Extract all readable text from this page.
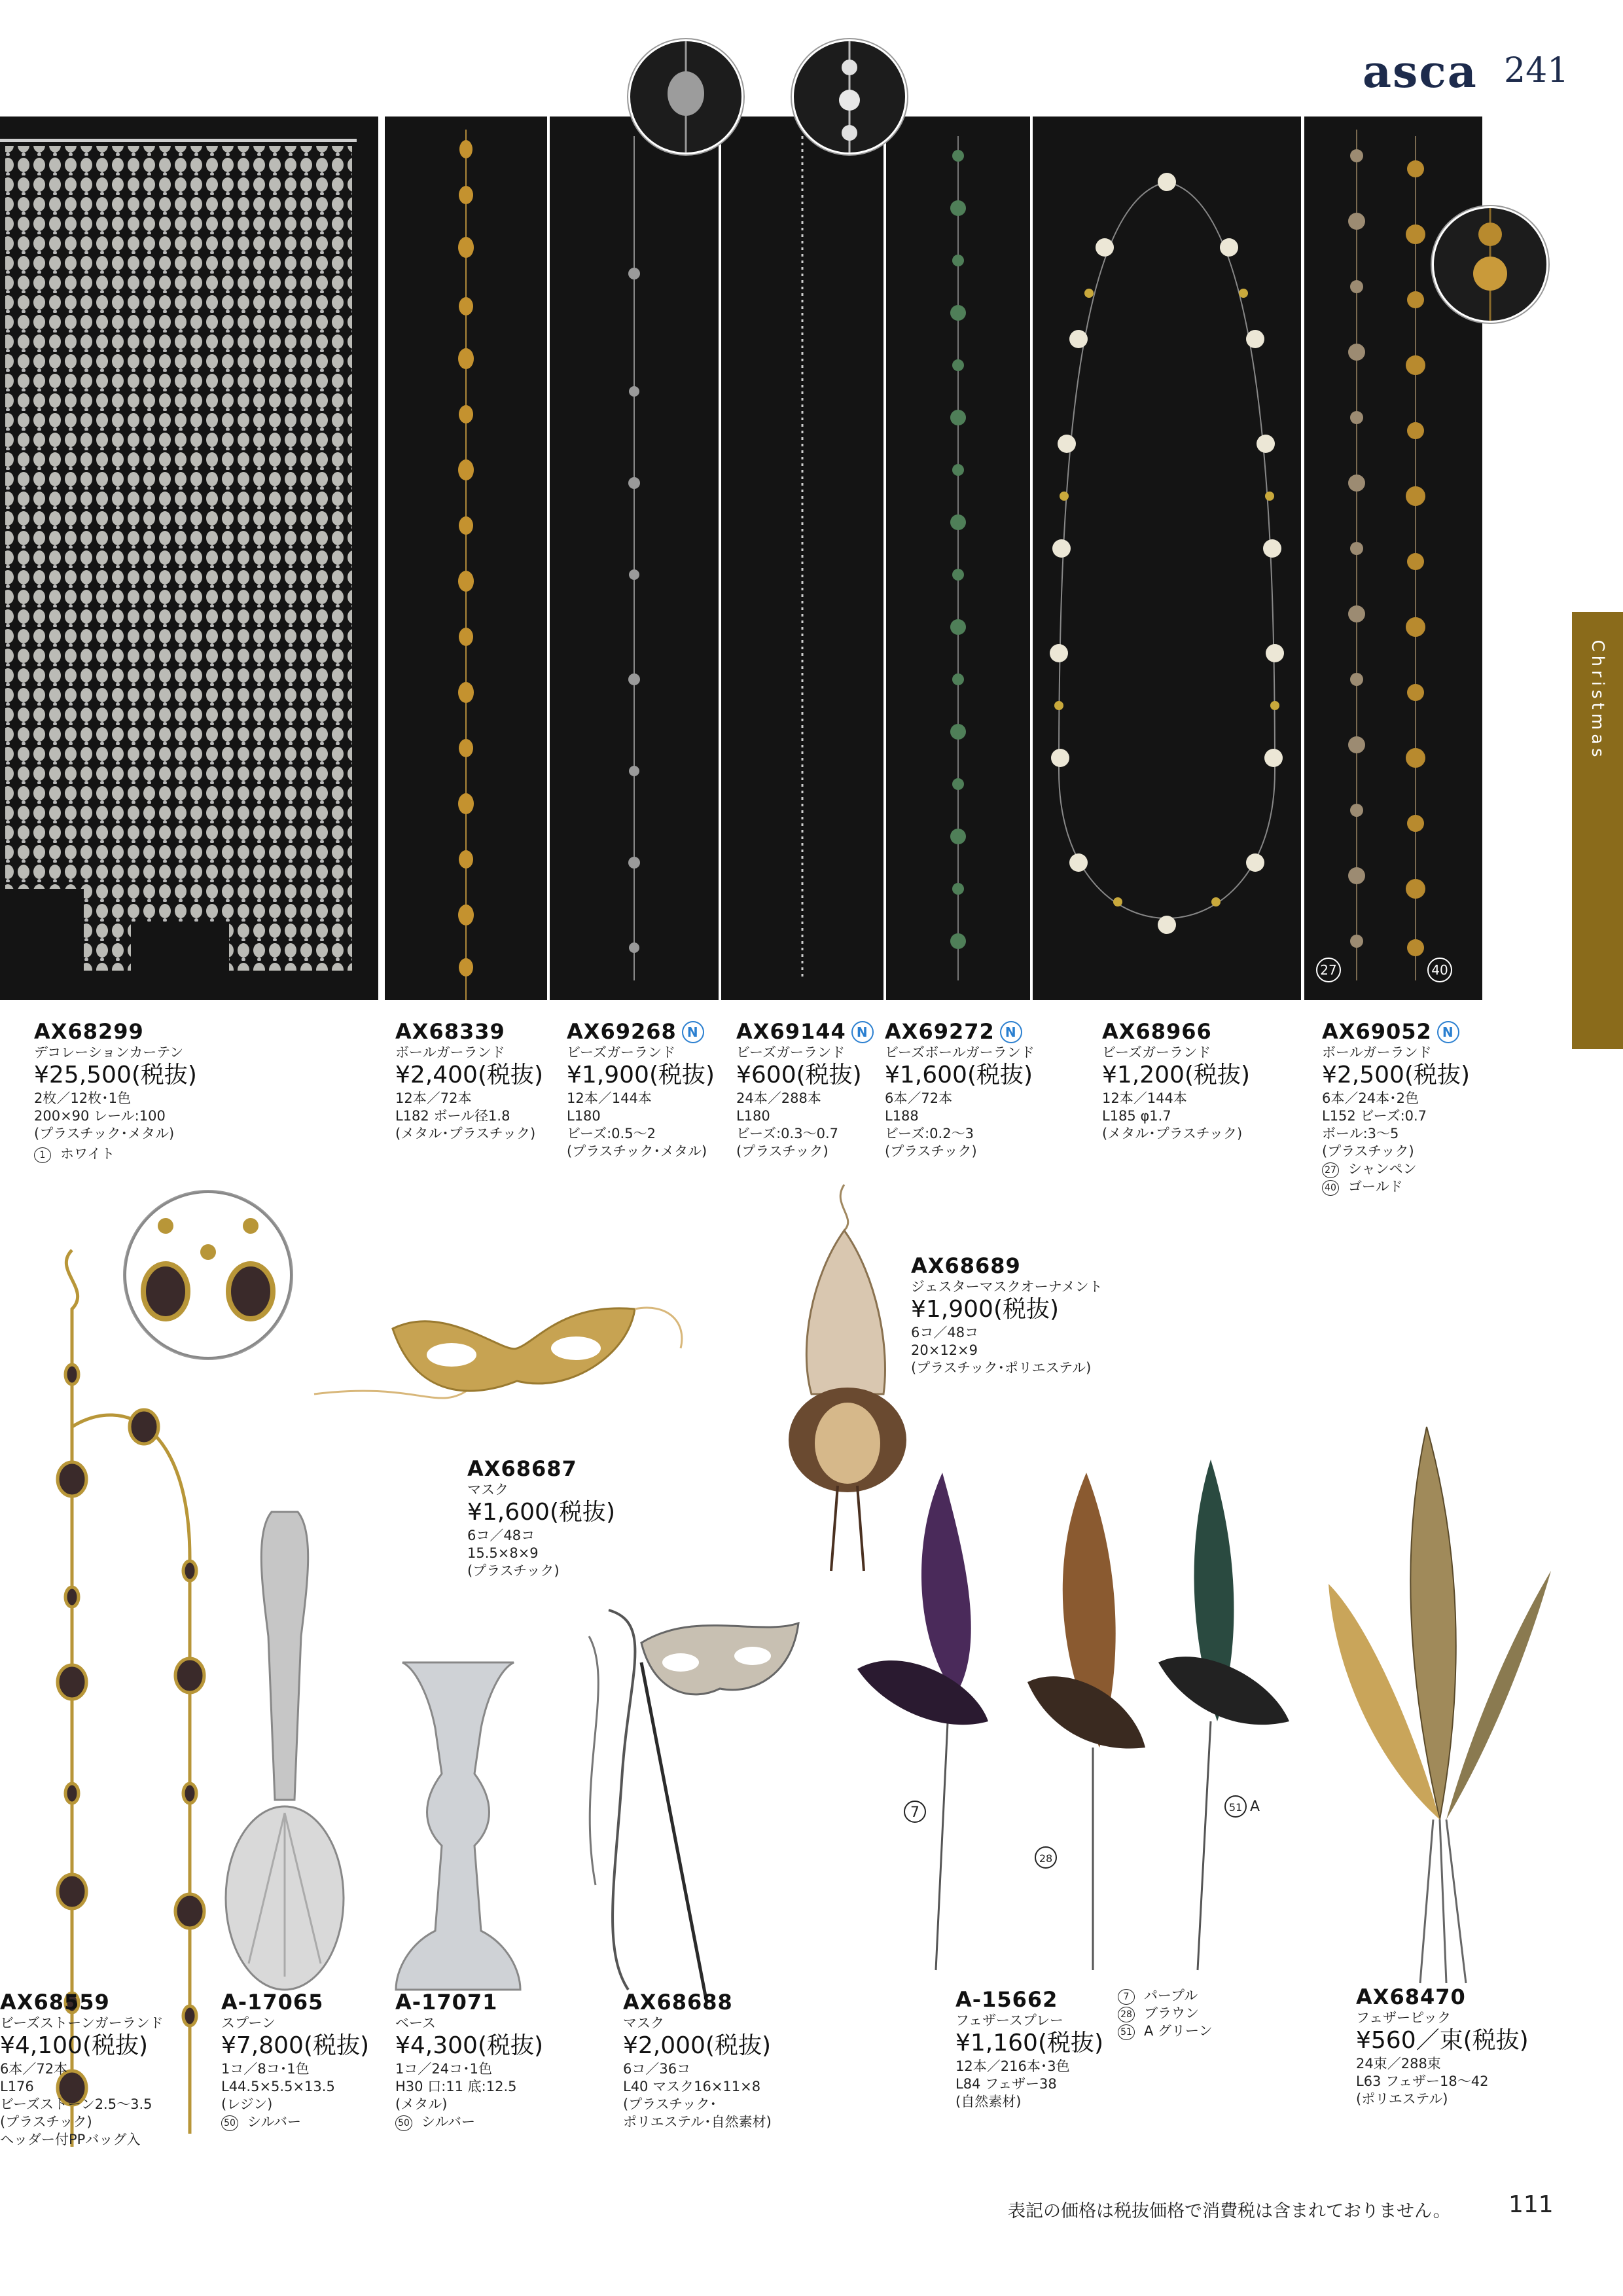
asca 241
Christmas
27	40
AX68299
デコレーションカーテン
¥25,500(税抜)
2枚／12枚･1色
200×90 レール:100
(プラスチック･メタル)
1 ホワイト
AX68339
ボールガーランド
¥2,400(税抜)
12本／72本
L182 ボール径1.8
(メタル･プラスチック)
AX69268 N
ビーズガーランド
¥1,900(税抜)
12本／144本
L180
ビーズ:0.5～2
(プラスチック･メタル)
AX69144 N
ビーズガーランド
¥600(税抜)
24本／288本
L180
ビーズ:0.3～0.7
(プラスチック)
AX69272 N
ビーズボールガーランド
¥1,600(税抜)
6本／72本
L188
ビーズ:0.2～3
(プラスチック)
AX68966
ビーズガーランド
¥1,200(税抜)
12本／144本
L185 φ1.7
(メタル･プラスチック)
AX69052 N
ボールガーランド
¥2,500(税抜)
6本／24本･2色
L152 ビーズ:0.7
ボール:3～5
(プラスチック)
27 シャンペン
40 ゴールド
7
28
51 A
AX68689
ジェスターマスクオーナメント
¥1,900(税抜)
6コ／48コ
20×12×9
(プラスチック･ポリエステル)
AX68687
マスク
¥1,600(税抜)
6コ／48コ
15.5×8×9
(プラスチック)
AX68559
ビーズストーンガーランド
¥4,100(税抜)
6本／72本
L176
ビーズストーン2.5～3.5
(プラスチック)
ヘッダー付PPバッグ入
A-17065
スプーン
¥7,800(税抜)
1コ／8コ･1色
L44.5×5.5×13.5
(レジン)
50 シルバー
A-17071
ベース
¥4,300(税抜)
1コ／24コ･1色
H30 口:11 底:12.5
(メタル)
50 シルバー
AX68688
マスク
¥2,000(税抜)
6コ／36コ
L40 マスク16×11×8
(プラスチック･
ポリエステル･自然素材)
A-15662
フェザースプレー
¥1,160(税抜)
12本／216本･3色
L84 フェザー38
(自然素材)
7 パープル
28 ブラウン
51 A グリーン
AX68470
フェザーピック
¥560／束(税抜)
24束／288束
L63 フェザー18～42
(ポリエステル)
表記の価格は税抜価格で消費税は含まれておりません。 111
